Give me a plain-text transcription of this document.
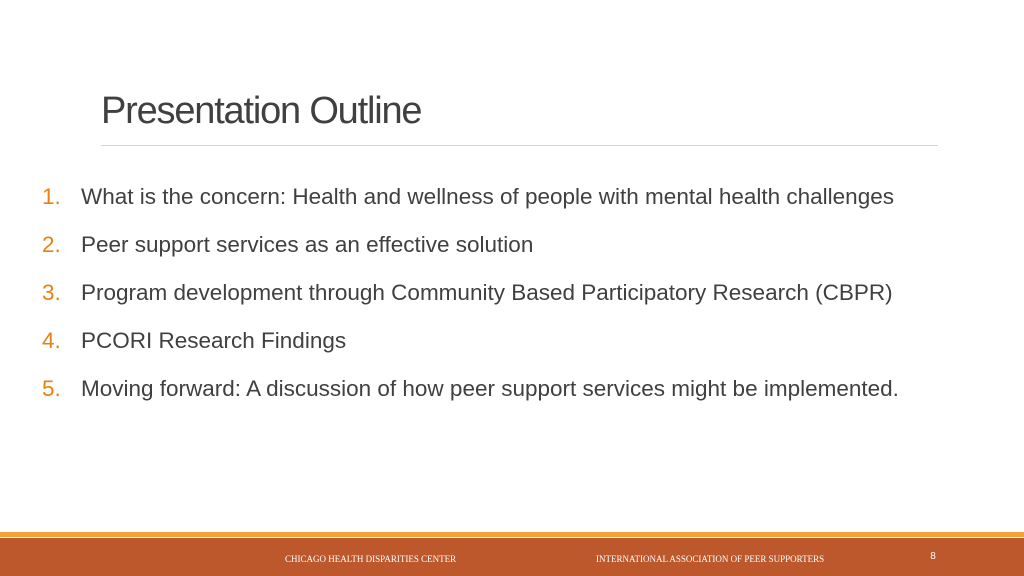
Presentation Outline
1. What is the concern: Health and wellness of people with mental health challenges
2. Peer support services as an effective solution
3. Program development through Community Based Participatory Research (CBPR)
4. PCORI Research Findings
5. Moving forward: A discussion of how peer support services might be implemented.
CHICAGO HEALTH DISPARITIES CENTER	INTERNATIONAL ASSOCIATION OF PEER SUPPORTERS	8
